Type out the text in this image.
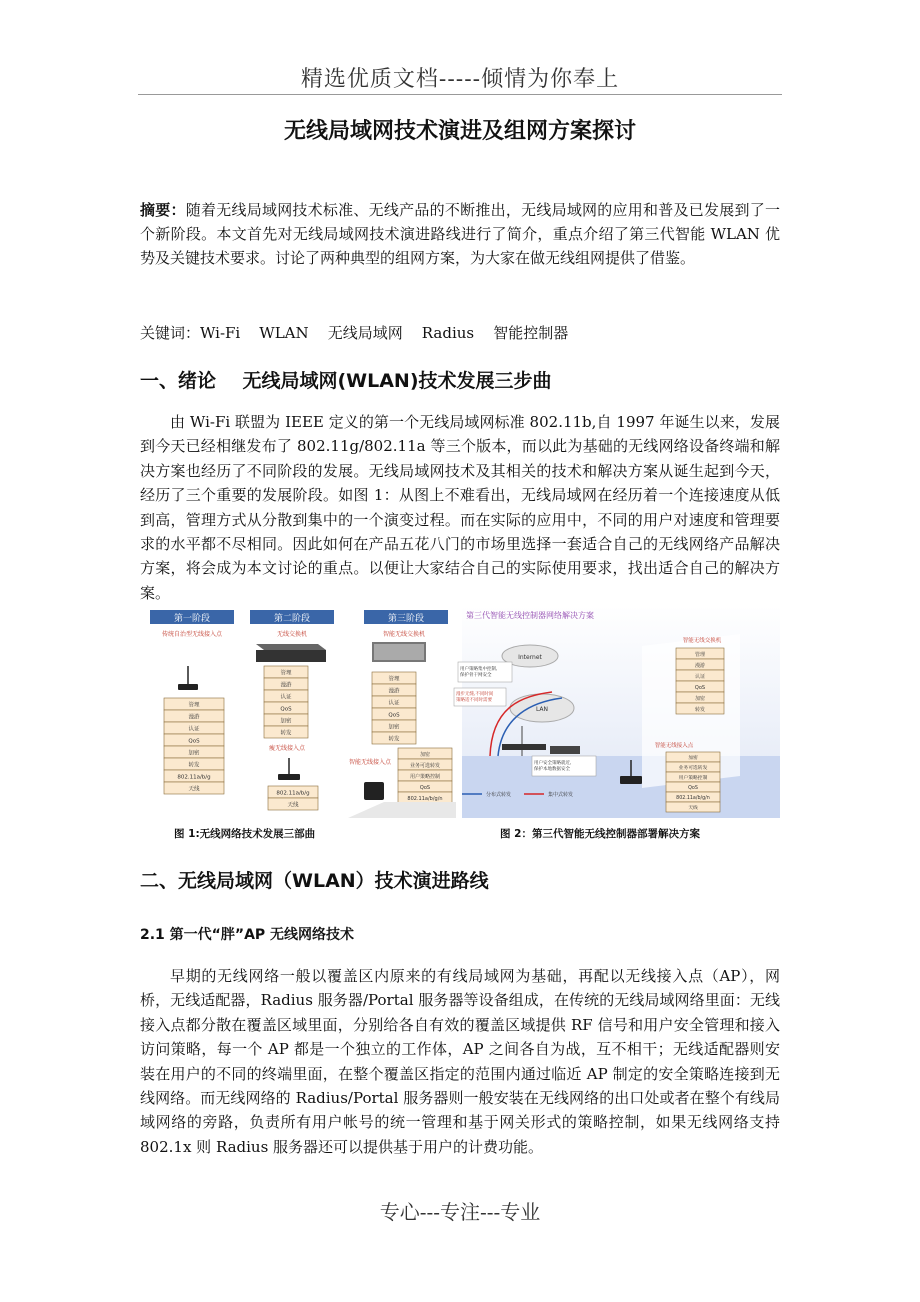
精选优质文档-----倾情为你奉上
无线局域网技术演进及组网方案探讨
摘要：随着无线局域网技术标准、无线产品的不断推出，无线局域网的应用和普及已发展到了一个新阶段。本文首先对无线局域网技术演进路线进行了简介，重点介绍了第三代智能 WLAN 优势及关键技术要求。讨论了两种典型的组网方案，为大家在做无线组网提供了借鉴。
关键词：Wi-Fi    WLAN    无线局域网    Radius    智能控制器
一、绪论    无线局域网(WLAN)技术发展三步曲
由 Wi-Fi 联盟为 IEEE 定义的第一个无线局域网标准 802.11b,自 1997 年诞生以来，发展到今天已经相继发布了 802.11g/802.11a 等三个版本，而以此为基础的无线网络设备终端和解决方案也经历了不同阶段的发展。无线局域网技术及其相关的技术和解决方案从诞生起到今天，经历了三个重要的发展阶段。如图 1：从图上不难看出，无线局域网在经历着一个连接速度从低到高，管理方式从分散到集中的一个演变过程。而在实际的应用中，不同的用户对速度和管理要求的水平都不尽相同。因此如何在产品五花八门的市场里选择一套适合自己的无线网络产品解决方案，将会成为本文讨论的重点。以便让大家结合自己的实际使用要求，找出适合自己的解决方案。
第一阶段	第二阶段	第三阶段
传统自治型无线接入点	无线交换机	智能无线交换机
管理
漫游
认证
QoS
加密
转发
802.11a/b/g
天线
管理
漫游
认证
QoS
加密
转发
802.11a/b/g
天线
管理
漫游
认证
QoS
加密
转发
加密
业务可选转发
用户策略控制
QoS
802.11a/b/g/n
瘦无线接入点
智能无线接入点
第三代智能无线控制器网络解决方案
Internet
LAN
用户策略集中控制,保护骨干网安全
漫步无缝,不同时间策略适不同时需要
用户安全策略就近,保护本地数据安全
分布式转发	集中式转发
智能无线交换机
管理
漫游
认证
QoS
加密
转发
智能无线接入点
加密
业务可选转发
用户策略控制
QoS
802.11a/b/g/n
天线
图 1:无线网络技术发展三部曲	图 2：第三代智能无线控制器部署解决方案
二、无线局域网（WLAN）技术演进路线
2.1 第一代“胖”AP 无线网络技术
早期的无线网络一般以覆盖区内原来的有线局域网为基础，再配以无线接入点（AP），网桥，无线适配器，Radius 服务器/Portal 服务器等设备组成，在传统的无线局域网络里面：无线接入点都分散在覆盖区域里面，分别给各自有效的覆盖区域提供 RF 信号和用户安全管理和接入访问策略，每一个 AP 都是一个独立的工作体，AP 之间各自为战，互不相干；无线适配器则安装在用户的不同的终端里面，在整个覆盖区指定的范围内通过临近 AP 制定的安全策略连接到无线网络。而无线网络的 Radius/Portal 服务器则一般安装在无线网络的出口处或者在整个有线局域网络的旁路，负责所有用户帐号的统一管理和基于网关形式的策略控制，如果无线网络支持 802.1x 则 Radius 服务器还可以提供基于用户的计费功能。
专心---专注---专业
